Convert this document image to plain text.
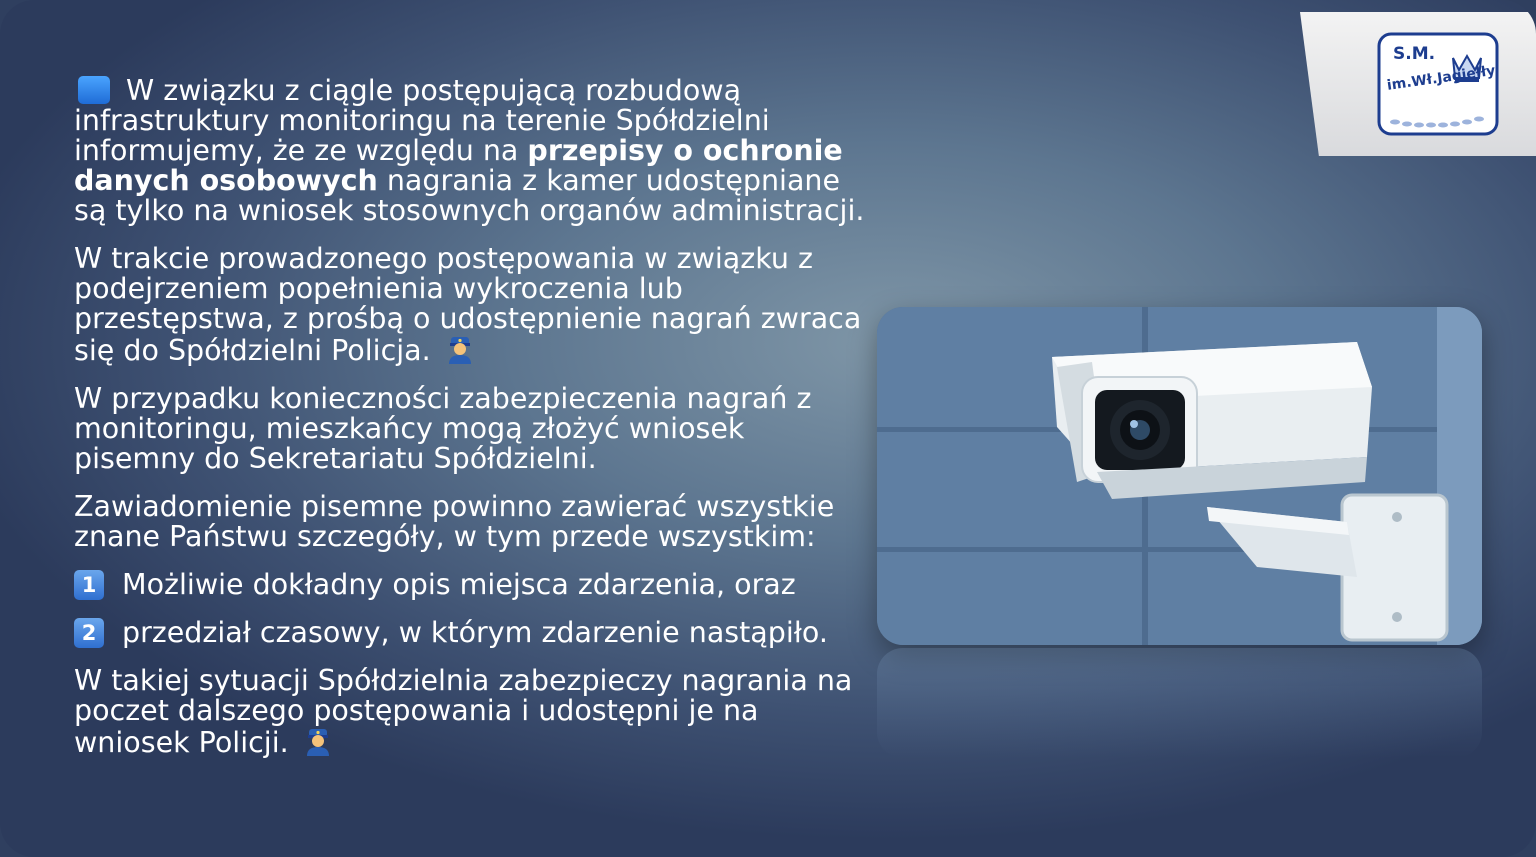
W związku z ciągle postępującą rozbudową infrastruktury monitoringu na terenie Spółdzielni informujemy, że ze względu na przepisy o ochronie danych osobowych nagrania z kamer udostępniane są tylko na wniosek stosownych organów administracji.

W trakcie prowadzonego postępowania w związku z podejrzeniem popełnienia wykroczenia lub przestępstwa, z prośbą o udostępnienie nagrań zwraca się do Spółdzielni Policja.

W przypadku konieczności zabezpieczenia nagrań z monitoringu, mieszkańcy mogą złożyć wniosek pisemny do Sekretariatu Spółdzielni.

Zawiadomienie pisemne powinno zawierać wszystkie znane Państwu szczegóły, w tym przede wszystkim:

1 Możliwie dokładny opis miejsca zdarzenia, oraz
2 przedział czasowy, w którym zdarzenie nastąpiło.

W takiej sytuacji Spółdzielnia zabezpieczy nagrania na poczet dalszego postępowania i udostępni je na wniosek Policji.

S.M.
im.Wł.Jagiełły
